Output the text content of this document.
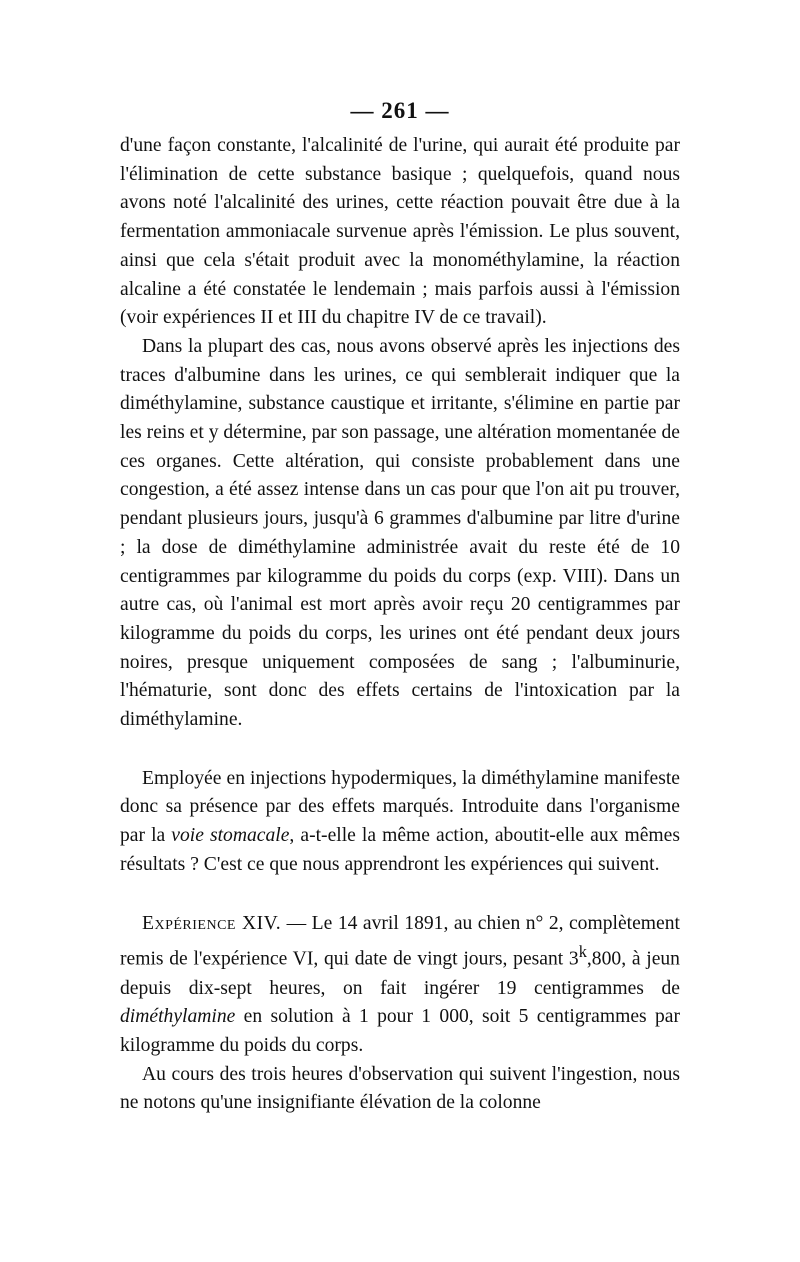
— 261 —

d'une façon constante, l'alcalinité de l'urine, qui aurait été produite par l'élimination de cette substance basique ; quelquefois, quand nous avons noté l'alcalinité des urines, cette réaction pouvait être due à la fermentation ammoniacale survenue après l'émission. Le plus souvent, ainsi que cela s'était produit avec la monométhylamine, la réaction alcaline a été constatée le lendemain ; mais parfois aussi à l'émission (voir expériences II et III du chapitre IV de ce travail).

Dans la plupart des cas, nous avons observé après les injections des traces d'albumine dans les urines, ce qui semblerait indiquer que la diméthylamine, substance caustique et irritante, s'élimine en partie par les reins et y détermine, par son passage, une altération momentanée de ces organes. Cette altération, qui consiste probablement dans une congestion, a été assez intense dans un cas pour que l'on ait pu trouver, pendant plusieurs jours, jusqu'à 6 grammes d'albumine par litre d'urine ; la dose de diméthylamine administrée avait du reste été de 10 centigrammes par kilogramme du poids du corps (exp. VIII). Dans un autre cas, où l'animal est mort après avoir reçu 20 centigrammes par kilogramme du poids du corps, les urines ont été pendant deux jours noires, presque uniquement composées de sang ; l'albuminurie, l'hématurie, sont donc des effets certains de l'intoxication par la diméthylamine.

Employée en injections hypodermiques, la diméthylamine manifeste donc sa présence par des effets marqués. Introduite dans l'organisme par la voie stomacale, a-t-elle la même action, aboutit-elle aux mêmes résultats ? C'est ce que nous apprendront les expériences qui suivent.

Expérience XIV. — Le 14 avril 1891, au chien n° 2, complètement remis de l'expérience VI, qui date de vingt jours, pesant 3$^k$,800, à jeun depuis dix-sept heures, on fait ingérer 19 centigrammes de diméthylamine en solution à 1 pour 1 000, soit 5 centigrammes par kilogramme du poids du corps.

Au cours des trois heures d'observation qui suivent l'ingestion, nous ne notons qu'une insignifiante élévation de la colonne
